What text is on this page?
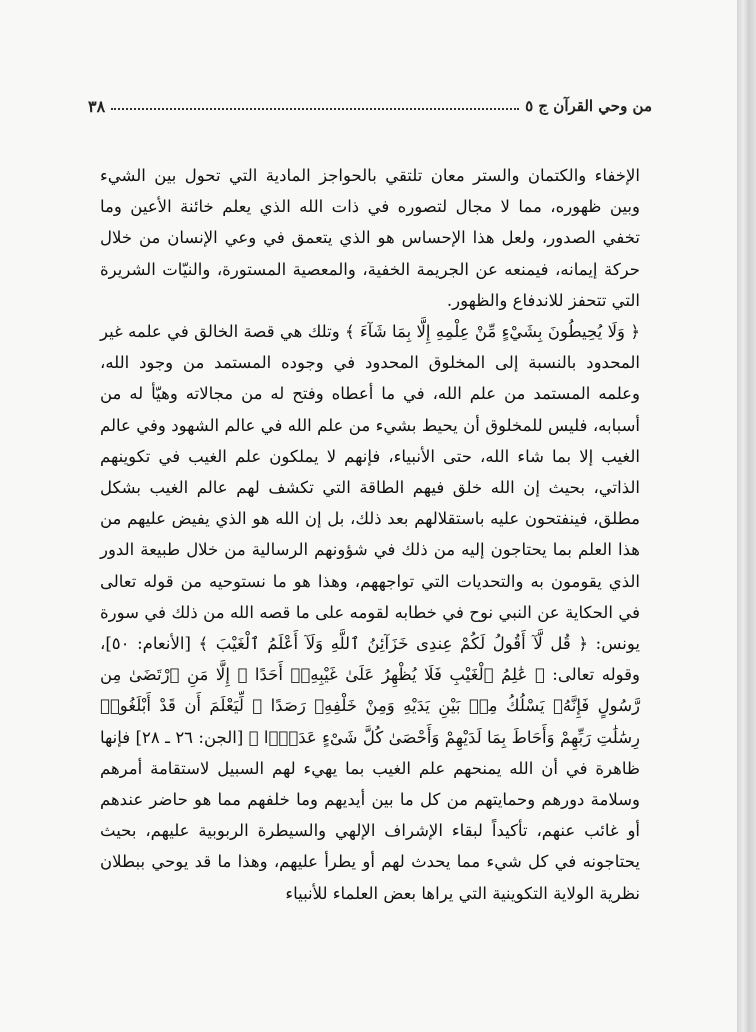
من وحي القرآن ج ٥
٣٨

الإخفاء والكتمان والستر معان تلتقي بالحواجز المادية التي تحول بين الشيء وبين ظهوره، مما لا مجال لتصوره في ذات الله الذي يعلم خائنة الأعين وما تخفي الصدور، ولعل هذا الإحساس هو الذي يتعمق في وعي الإنسان من خلال حركة إيمانه، فيمنعه عن الجريمة الخفية، والمعصية المستورة، والنيّات الشريرة التي تتحفز للاندفاع والظهور.

﴿ وَلَا يُحِيطُونَ بِشَيْءٍ مِّنْ عِلْمِهِ إِلَّا بِمَا شَآءَ ﴾ وتلك هي قصة الخالق في علمه غير المحدود بالنسبة إلى المخلوق المحدود في وجوده المستمد من وجود الله، وعلمه المستمد من علم الله، في ما أعطاه وفتح له من مجالاته وهيّأ له من أسبابه، فليس للمخلوق أن يحيط بشيء من علم الله في عالم الشهود وفي عالم الغيب إلا بما شاء الله، حتى الأنبياء، فإنهم لا يملكون علم الغيب في تكوينهم الذاتي، بحيث إن الله خلق فيهم الطاقة التي تكشف لهم عالم الغيب بشكل مطلق، فينفتحون عليه باستقلالهم بعد ذلك، بل إن الله هو الذي يفيض عليهم من هذا العلم بما يحتاجون إليه من ذلك في شؤونهم الرسالية من خلال طبيعة الدور الذي يقومون به والتحديات التي تواجههم، وهذا هو ما نستوحيه من قوله تعالى في الحكاية عن النبي نوح في خطابه لقومه على ما قصه الله من ذلك في سورة يونس: ﴿ قُل لَّآ أَقُولُ لَكُمْ عِندِى خَزَآئِنُ ٱللَّهِ وَلَآ أَعْلَمُ ٱلْغَيْبَ ﴾ [الأنعام: ٥٠]، وقوله تعالى: ﴿ عَٰلِمُ ٱلْغَيْبِ فَلَا يُظْهِرُ عَلَىٰ غَيْبِهِۦٓ أَحَدًا ۞ إِلَّا مَنِ ٱرْتَضَىٰ مِن رَّسُولٍ فَإِنَّهُۥ يَسْلُكُ مِنۢ بَيْنِ يَدَيْهِ وَمِنْ خَلْفِهِۦ رَصَدًا ۞ لِّيَعْلَمَ أَن قَدْ أَبْلَغُوا۟ رِسَٰلَٰتِ رَبِّهِمْ وَأَحَاطَ بِمَا لَدَيْهِمْ وَأَحْصَىٰ كُلَّ شَىْءٍ عَدَدًۢا ﴾ [الجن: ٢٦ ـ ٢٨] فإنها ظاهرة في أن الله يمنحهم علم الغيب بما يهيء لهم السبيل لاستقامة أمرهم وسلامة دورهم وحمايتهم من كل ما بين أيديهم وما خلفهم مما هو حاضر عندهم أو غائب عنهم، تأكيداً لبقاء الإشراف الإلهي والسيطرة الربوبية عليهم، بحيث يحتاجونه في كل شيء مما يحدث لهم أو يطرأ عليهم، وهذا ما قد يوحي ببطلان نظرية الولاية التكوينية التي يراها بعض العلماء للأنبياء
